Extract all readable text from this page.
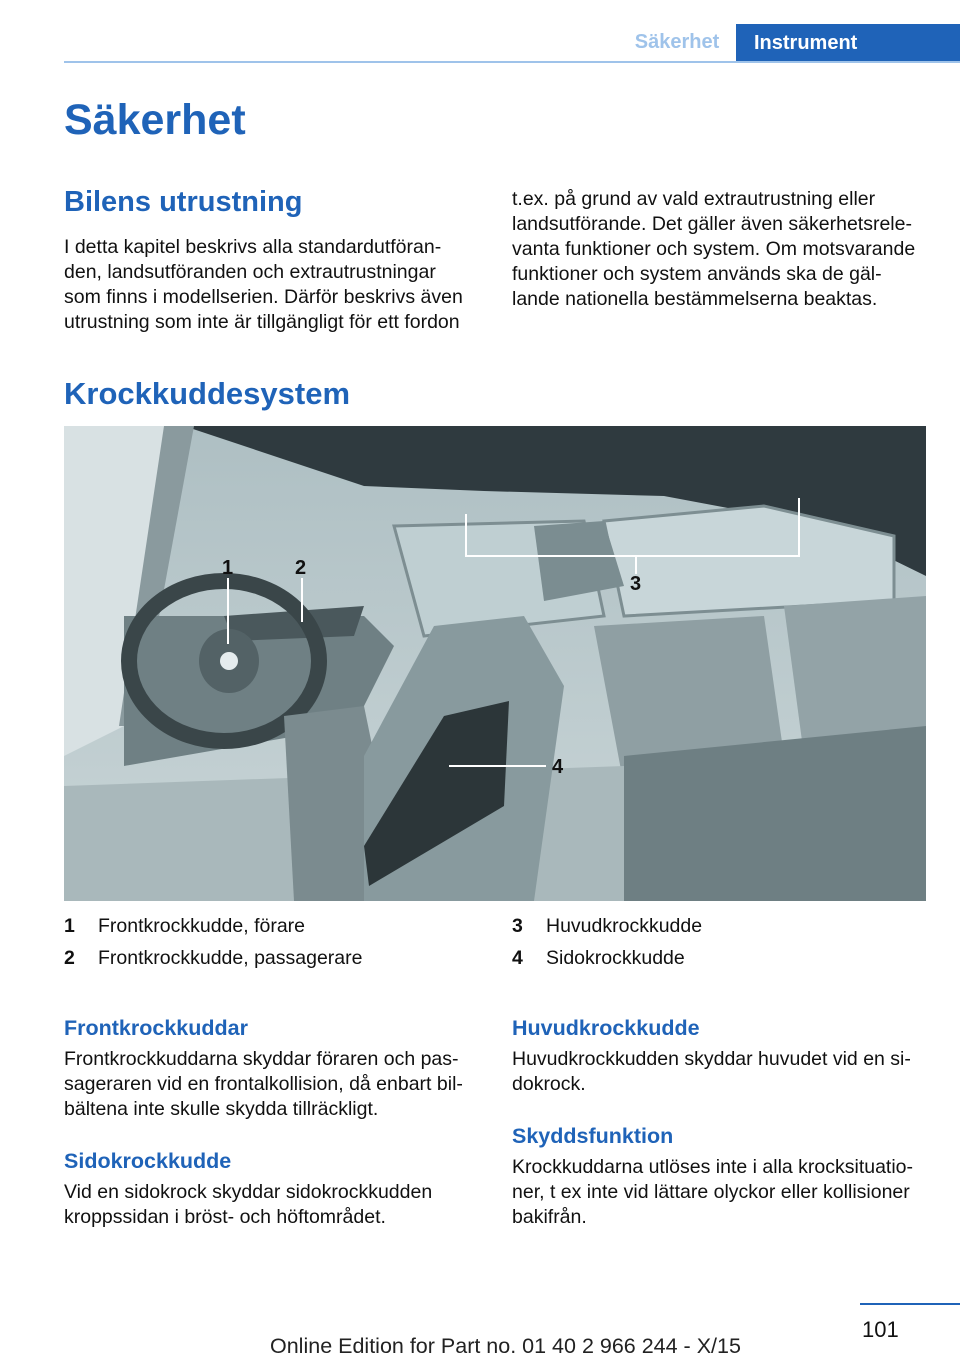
Säkerhet	Instrument
Säkerhet
Bilens utrustning
I detta kapitel beskrivs alla standardutföran-
den, landsutföranden och extrautrustningar
som finns i modellserien. Därför beskrivs även
utrustning som inte är tillgängligt för ett fordon
t.ex. på grund av vald extrautrustning eller
landsutförande. Det gäller även säkerhetsrele-
vanta funktioner och system. Om motsvarande
funktioner och system används ska de gäl-
lande nationella bestämmelserna beaktas.
Krockkuddesystem
1	2
3
4
1 Frontkrockkudde, förare
2 Frontkrockkudde, passagerare
3 Huvudkrockkudde
4 Sidokrockkudde
Frontkrockkuddar
Frontkrockkuddarna skyddar föraren och pas-
sageraren vid en frontalkollision, då enbart bil-
bältena inte skulle skydda tillräckligt.
Sidokrockkudde
Vid en sidokrock skyddar sidokrockkudden
kroppssidan i bröst- och höftområdet.
Huvudkrockkudde
Huvudkrockkudden skyddar huvudet vid en si-
dokrock.
Skyddsfunktion
Krockkuddarna utlöses inte i alla krocksituatio-
ner, t ex inte vid lättare olyckor eller kollisioner
bakifrån.
101
Online Edition for Part no. 01 40 2 966 244 - X/15
